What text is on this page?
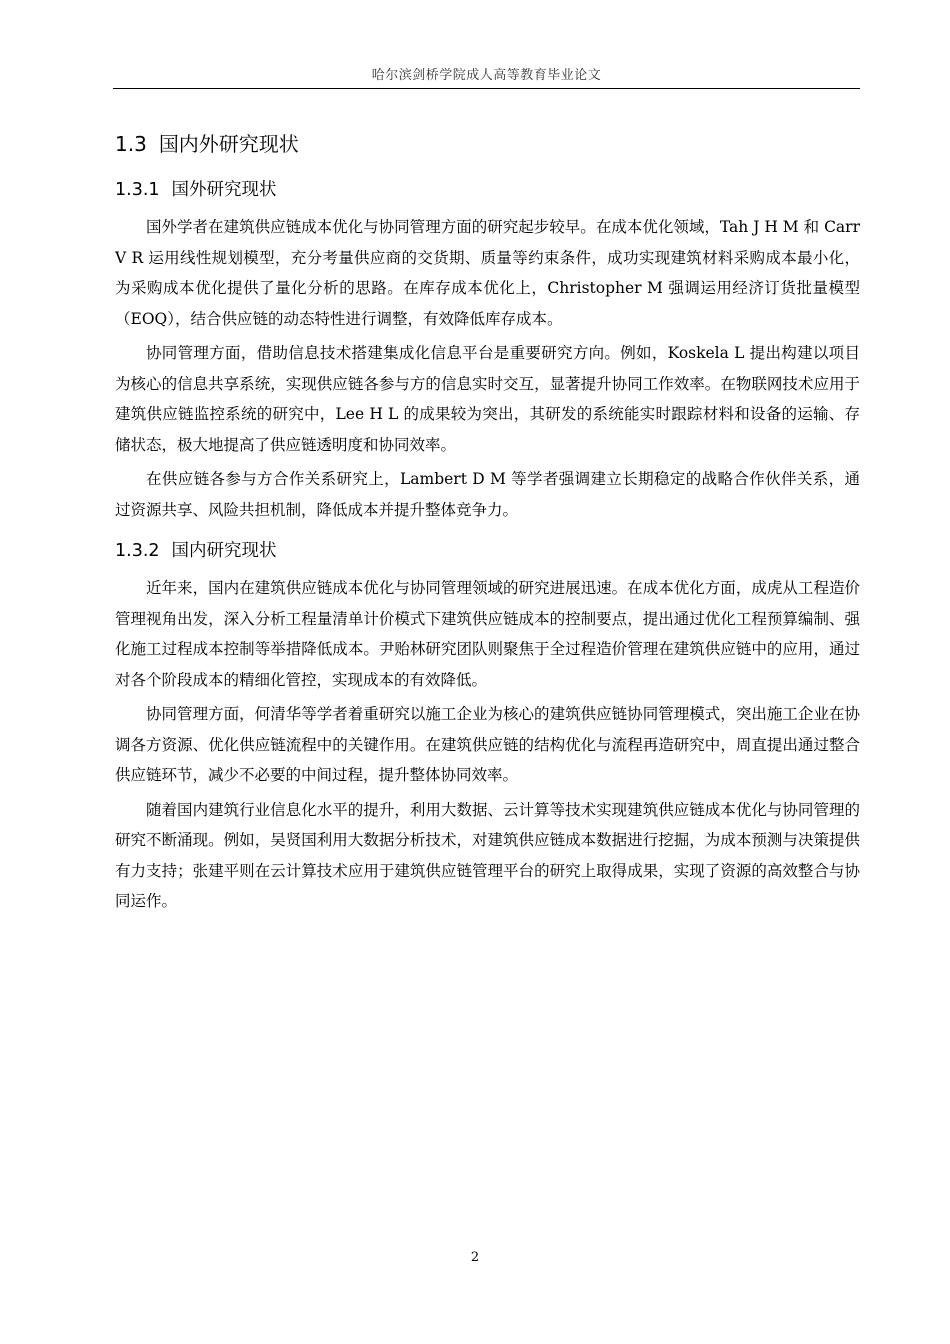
哈尔滨剑桥学院成人高等教育毕业论文
1.3 国内外研究现状
1.3.1 国外研究现状

国外学者在建筑供应链成本优化与协同管理方面的研究起步较早。在成本优化领域，Tah J H M 和 Carr V R 运用线性规划模型，充分考量供应商的交货期、质量等约束条件，成功实现建筑材料采购成本最小化，为采购成本优化提供了量化分析的思路。在库存成本优化上，Christopher M 强调运用经济订货批量模型（EOQ），结合供应链的动态特性进行调整，有效降低库存成本。

协同管理方面，借助信息技术搭建集成化信息平台是重要研究方向。例如，Koskela L 提出构建以项目为核心的信息共享系统，实现供应链各参与方的信息实时交互，显著提升协同工作效率。在物联网技术应用于建筑供应链监控系统的研究中，Lee H L 的成果较为突出，其研发的系统能实时跟踪材料和设备的运输、存储状态，极大地提高了供应链透明度和协同效率。

在供应链各参与方合作关系研究上，Lambert D M 等学者强调建立长期稳定的战略合作伙伴关系，通过资源共享、风险共担机制，降低成本并提升整体竞争力。

1.3.2 国内研究现状

近年来，国内在建筑供应链成本优化与协同管理领域的研究进展迅速。在成本优化方面，成虎从工程造价管理视角出发，深入分析工程量清单计价模式下建筑供应链成本的控制要点，提出通过优化工程预算编制、强化施工过程成本控制等举措降低成本。尹贻林研究团队则聚焦于全过程造价管理在建筑供应链中的应用，通过对各个阶段成本的精细化管控，实现成本的有效降低。

协同管理方面，何清华等学者着重研究以施工企业为核心的建筑供应链协同管理模式，突出施工企业在协调各方资源、优化供应链流程中的关键作用。在建筑供应链的结构优化与流程再造研究中，周直提出通过整合供应链环节，减少不必要的中间过程，提升整体协同效率。

随着国内建筑行业信息化水平的提升，利用大数据、云计算等技术实现建筑供应链成本优化与协同管理的研究不断涌现。例如，吴贤国利用大数据分析技术，对建筑供应链成本数据进行挖掘，为成本预测与决策提供有力支持；张建平则在云计算技术应用于建筑供应链管理平台的研究上取得成果，实现了资源的高效整合与协同运作。

2
